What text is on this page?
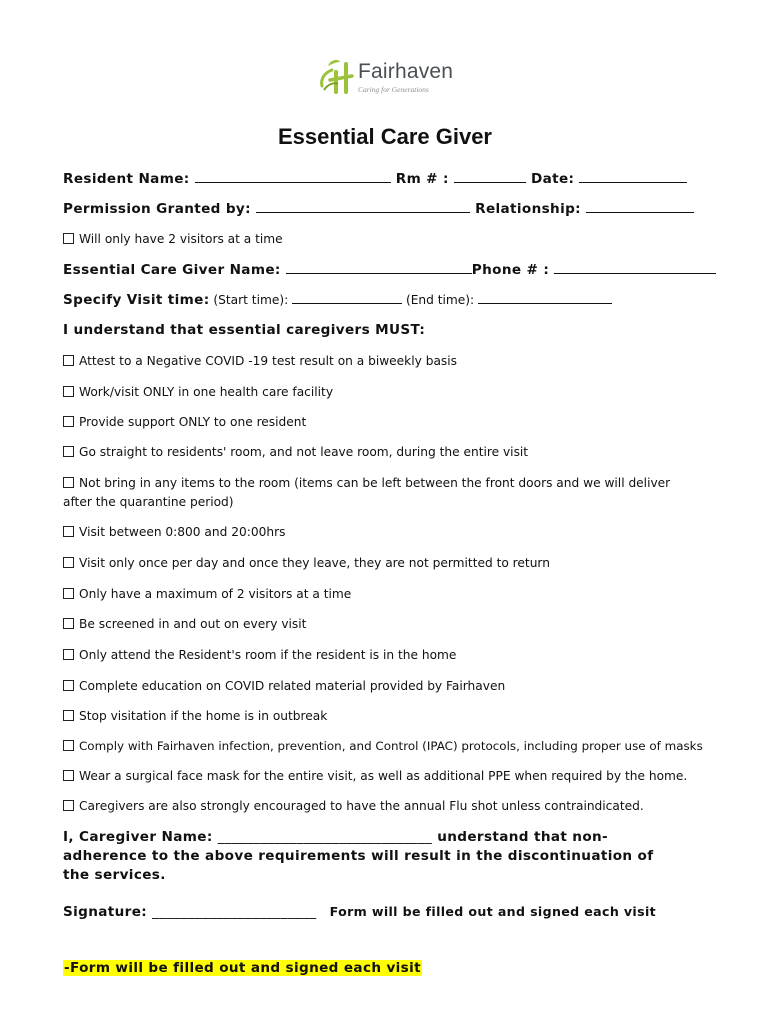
Fairhaven
Caring for Generations
Essential Care Giver
Resident Name:	Rm # :	Date:
Permission Granted by:	Relationship:
Will only have 2 visitors at a time
Essential Care Giver Name:	Phone # :
Specify Visit time: (Start time):	(End time):
I understand that essential caregivers MUST:
Attest to a Negative COVID -19 test result on a biweekly basis
Work/visit ONLY in one health care facility
Provide support ONLY to one resident
Go straight to residents' room, and not leave room, during the entire visit
Not bring in any items to the room (items can be left between the front doors and we will deliver after the quarantine period)
Visit between 0:800 and 20:00hrs
Visit only once per day and once they leave, they are not permitted to return
Only have a maximum of 2 visitors at a time
Be screened in and out on every visit
Only attend the Resident's room if the resident is in the home
Complete education on COVID related material provided by Fairhaven
Stop visitation if the home is in outbreak
Comply with Fairhaven infection, prevention, and Control (IPAC) protocols, including proper use of masks
Wear a surgical face mask for the entire visit, as well as additional PPE when required by the home.
Caregivers are also strongly encouraged to have the annual Flu shot unless contraindicated.
I, Caregiver Name: ______________________________ understand that non-adherence to the above requirements will result in the discontinuation of the services.
Signature: _______________________ Form will be filled out and signed each visit
-Form will be filled out and signed each visit
